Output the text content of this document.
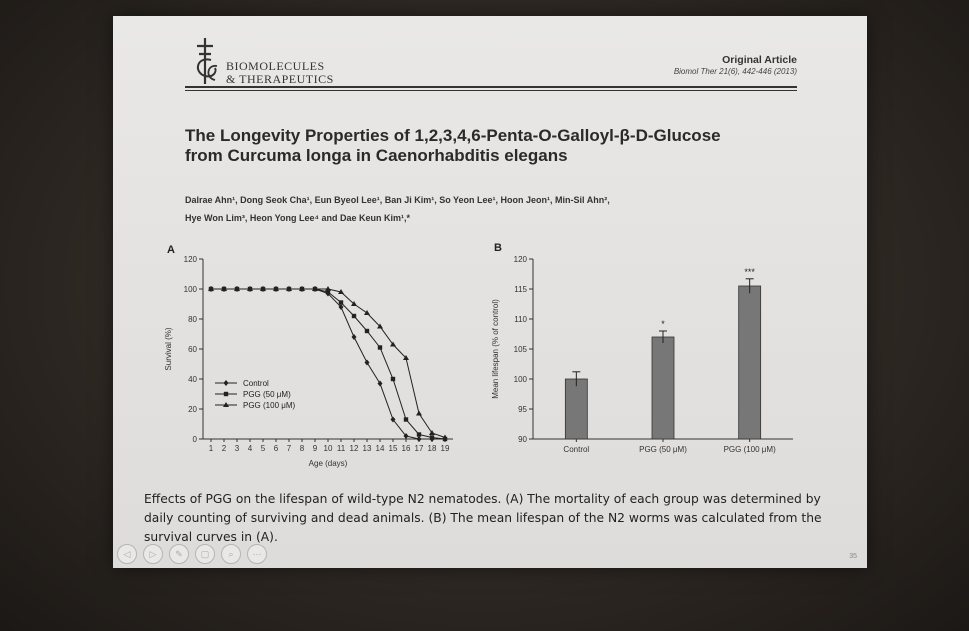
BIOMOLECULES
& THERAPEUTICS
Original Article
Biomol Ther 21(6), 442-446 (2013)
The Longevity Properties of 1,2,3,4,6-Penta-O-Galloyl-β-D-Glucose
from Curcuma longa in Caenorhabditis elegans
Dalrae Ahn¹, Dong Seok Cha¹, Eun Byeol Lee¹, Ban Ji Kim¹, So Yeon Lee¹, Hoon Jeon¹, Min-Sil Ahn²,
Hye Won Lim³, Heon Yong Lee⁴ and Dae Keun Kim¹,*
A
0
20
40
60
80
100
120
1 2 3 4 5 6 7 8 9 10 11 12 13 14 15 16 17 18 19
Age (days)
Survival (%)
Control
PGG (50 μM)
PGG (100 μM)
B
90
95
100
105
110
115
120
Mean lifespan (% of control)
Control	PGG (50 μM)
*
PGG (100 μM)
***
Effects of PGG on the lifespan of wild-type N2 nematodes. (A) The mortality of each group was determined by daily counting of surviving and dead animals. (B) The mean lifespan of the N2 worms was calculated from the survival curves in (A).
◁	▷	✎	▢	⌕	⋯	35
